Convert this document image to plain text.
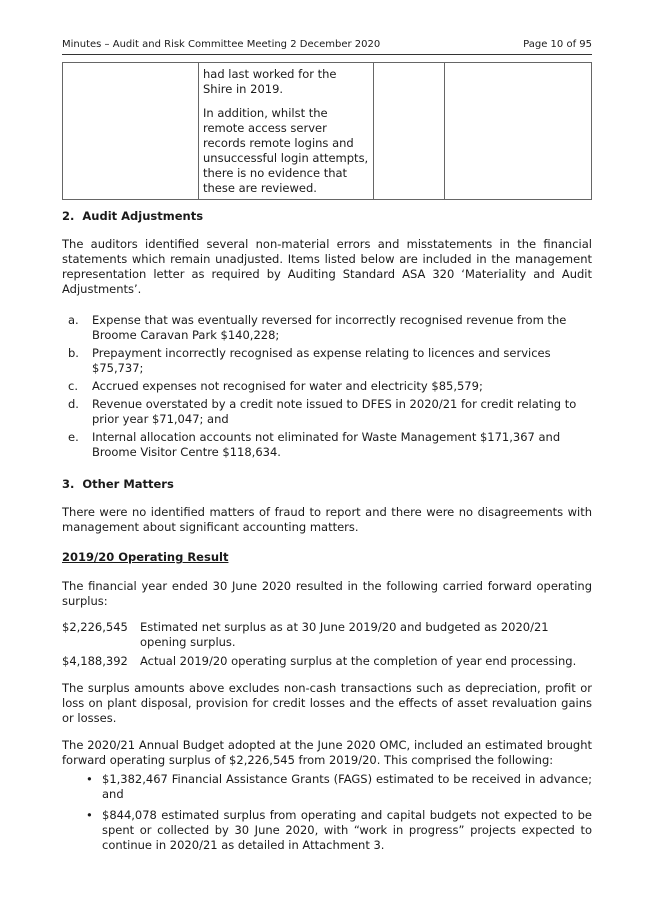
Minutes – Audit and Risk Committee Meeting 2 December 2020	Page 10 of 95

had last worked for the Shire in 2019.

In addition, whilst the remote access server records remote logins and unsuccessful login attempts, there is no evidence that these are reviewed.

2.  Audit Adjustments

The auditors identified several non-material errors and misstatements in the financial statements which remain unadjusted. Items listed below are included in the management representation letter as required by Auditing Standard ASA 320 ‘Materiality and Audit Adjustments’.

a.	Expense that was eventually reversed for incorrectly recognised revenue from the Broome Caravan Park $140,228;
b.	Prepayment incorrectly recognised as expense relating to licences and services $75,737;
c.	Accrued expenses not recognised for water and electricity $85,579;
d.	Revenue overstated by a credit note issued to DFES in 2020/21 for credit relating to prior year $71,047; and
e.	Internal allocation accounts not eliminated for Waste Management $171,367 and Broome Visitor Centre $118,634.
3.  Other Matters

There were no identified matters of fraud to report and there were no disagreements with management about significant accounting matters.

2019/20 Operating Result

The financial year ended 30 June 2020 resulted in the following carried forward operating surplus:

$2,226,545	Estimated net surplus as at 30 June 2019/20 and budgeted as 2020/21 opening surplus.
$4,188,392	Actual 2019/20 operating surplus at the completion of year end processing.

The surplus amounts above excludes non-cash transactions such as depreciation, profit or loss on plant disposal, provision for credit losses and the effects of asset revaluation gains or losses.

The 2020/21 Annual Budget adopted at the June 2020 OMC, included an estimated brought forward operating surplus of $2,226,545 from 2019/20. This comprised the following:

• $1,382,467 Financial Assistance Grants (FAGS) estimated to be received in advance; and
• $844,078 estimated surplus from operating and capital budgets not expected to be spent or collected by 30 June 2020, with “work in progress” projects expected to continue in 2020/21 as detailed in Attachment 3.
